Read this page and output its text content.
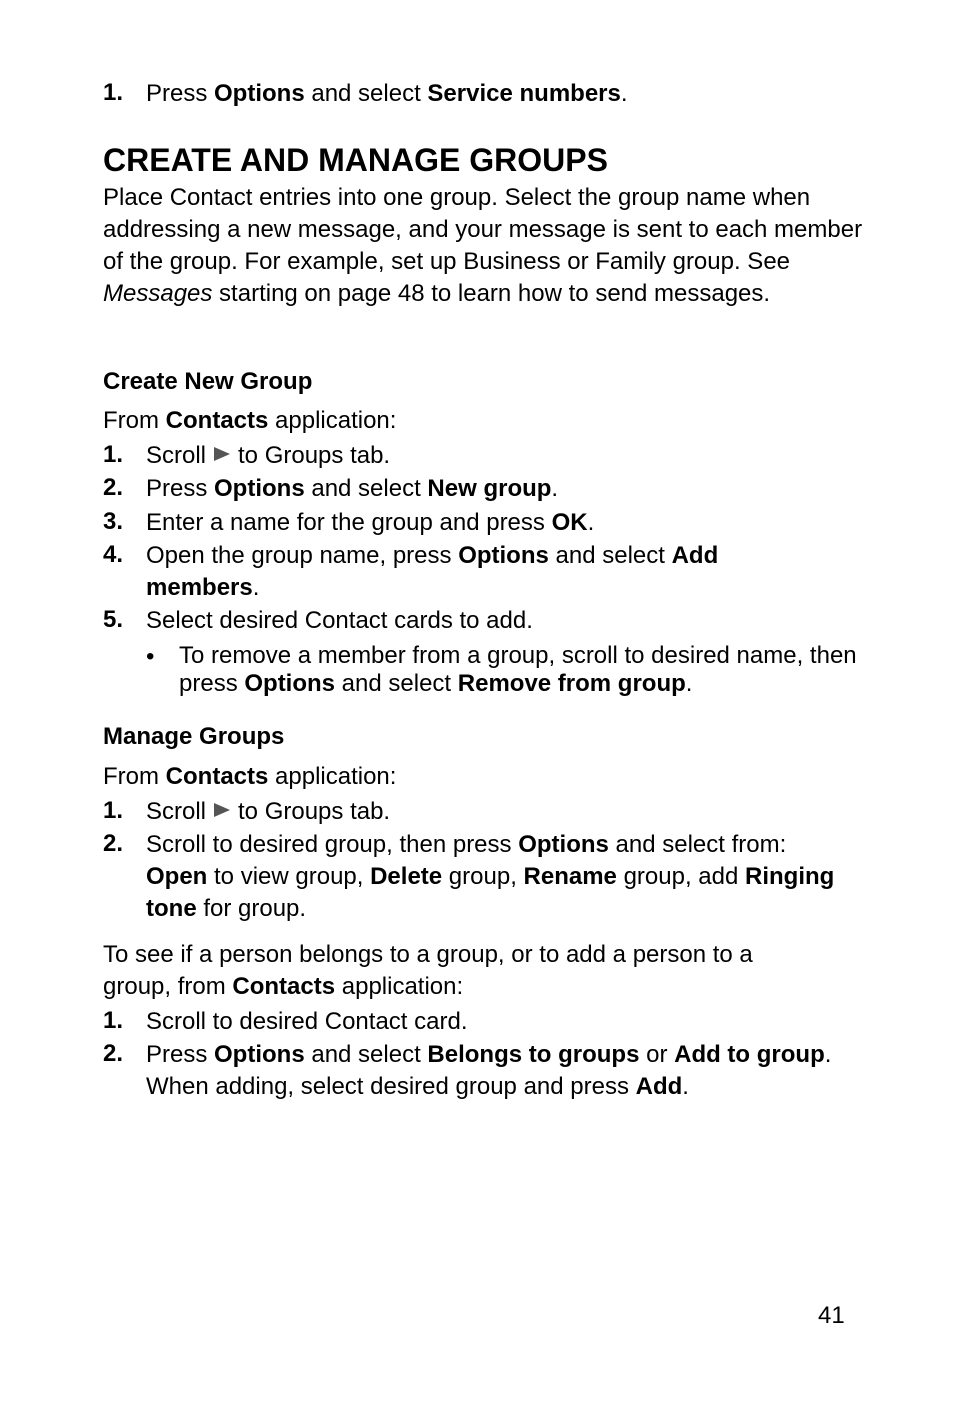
1. Press Options and select Service numbers.
CREATE AND MANAGE GROUPS
Place Contact entries into one group. Select the group name when addressing a new message, and your message is sent to each member of the group. For example, set up Business or Family group. See Messages starting on page 48 to learn how to send messages.
Create New Group
From Contacts application:
1. Scroll to Groups tab.
2. Press Options and select New group.
3. Enter a name for the group and press OK.
4. Open the group name, press Options and select Add members.
5. Select desired Contact cards to add.
• To remove a member from a group, scroll to desired name, then press Options and select Remove from group.
Manage Groups
From Contacts application:
1. Scroll to Groups tab.
2. Scroll to desired group, then press Options and select from: Open to view group, Delete group, Rename group, add Ringing tone for group.
To see if a person belongs to a group, or to add a person to a group, from Contacts application:
1. Scroll to desired Contact card.
2. Press Options and select Belongs to groups or Add to group. When adding, select desired group and press Add.
41
